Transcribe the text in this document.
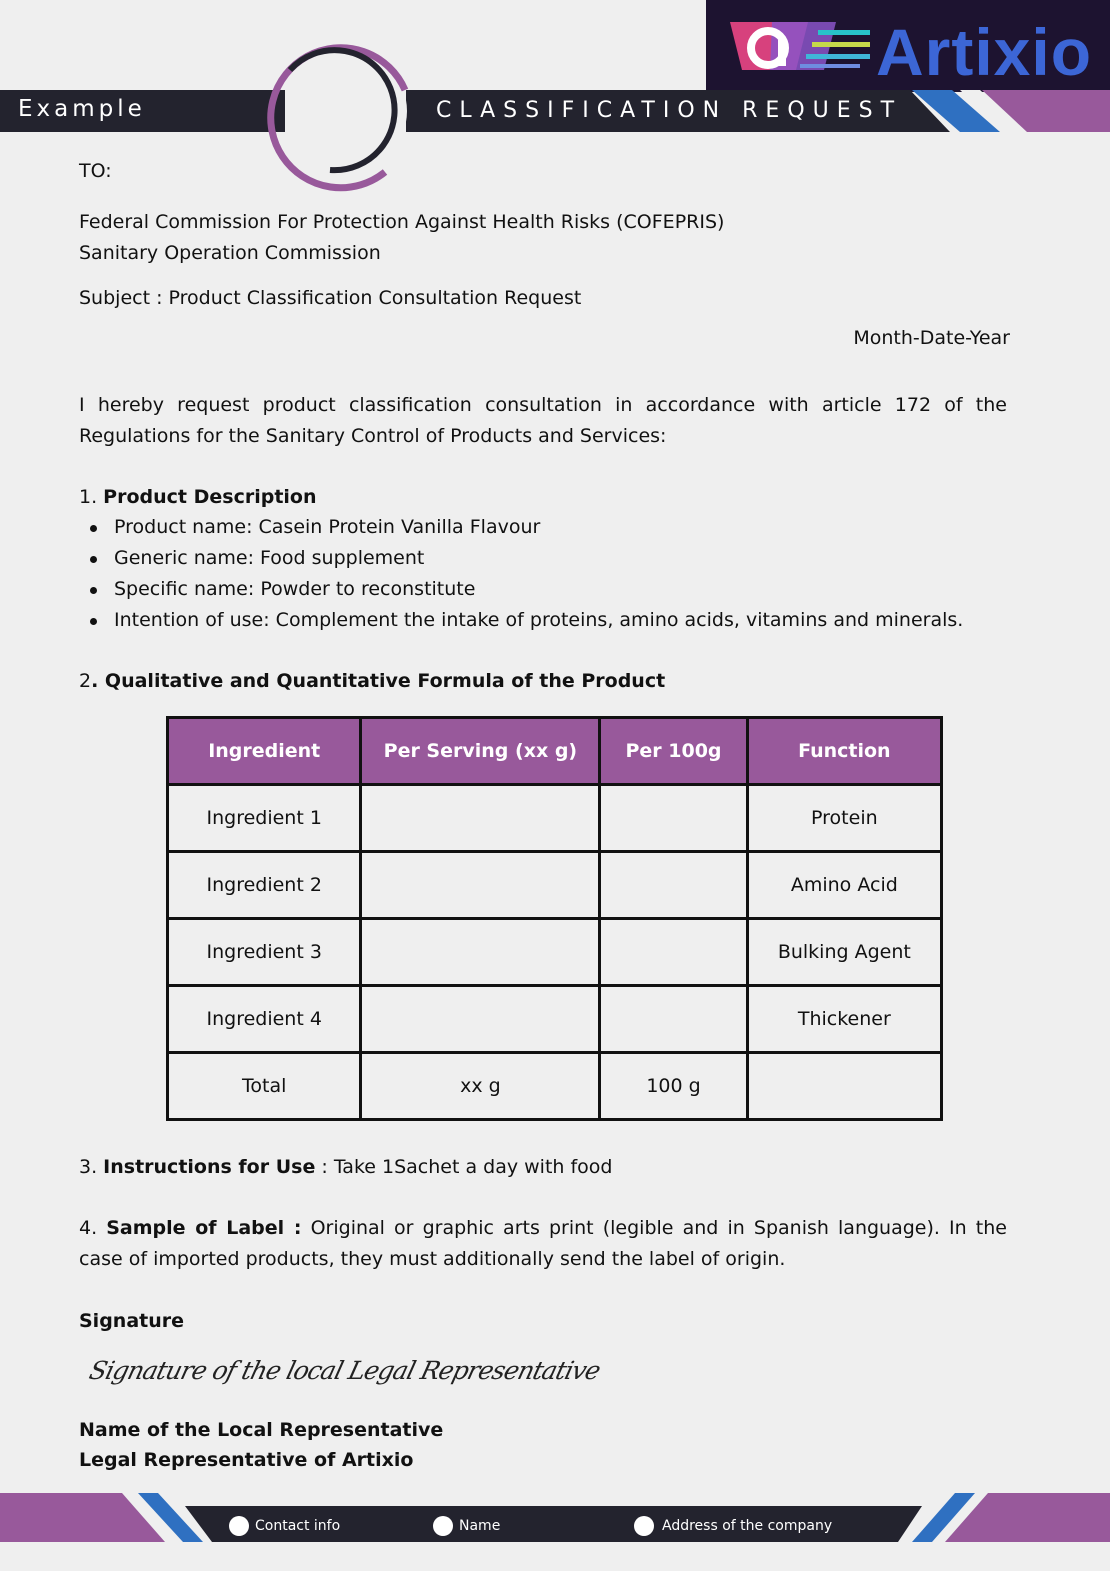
Example	CLASSIFICATION REQUEST
Artixio
TO:
Federal Commission For Protection Against Health Risks (COFEPRIS)
Sanitary Operation Commission
Subject : Product Classification Consultation Request
Month-Date-Year
I hereby request product classification consultation in accordance with article 172 of the Regulations for the Sanitary Control of Products and Services:
1. Product Description
Product name: Casein Protein Vanilla Flavour
Generic name: Food supplement
Specific name: Powder to reconstitute
Intention of use: Complement the intake of proteins, amino acids, vitamins and minerals.
2. Qualitative and Quantitative Formula of the Product
Ingredient	Per Serving (xx g)	Per 100g	Function
Ingredient 1			Protein
Ingredient 2			Amino Acid
Ingredient 3			Bulking Agent
Ingredient 4			Thickener
Total	xx g	100 g	
3. Instructions for Use : Take 1Sachet a day with food
4. Sample of Label : Original or graphic arts print (legible and in Spanish language). In the case of imported products, they must additionally send the label of origin.
Signature
Signature of the local Legal Representative
Name of the Local Representative
Legal Representative of Artixio
Contact info	Name	Address of the company
